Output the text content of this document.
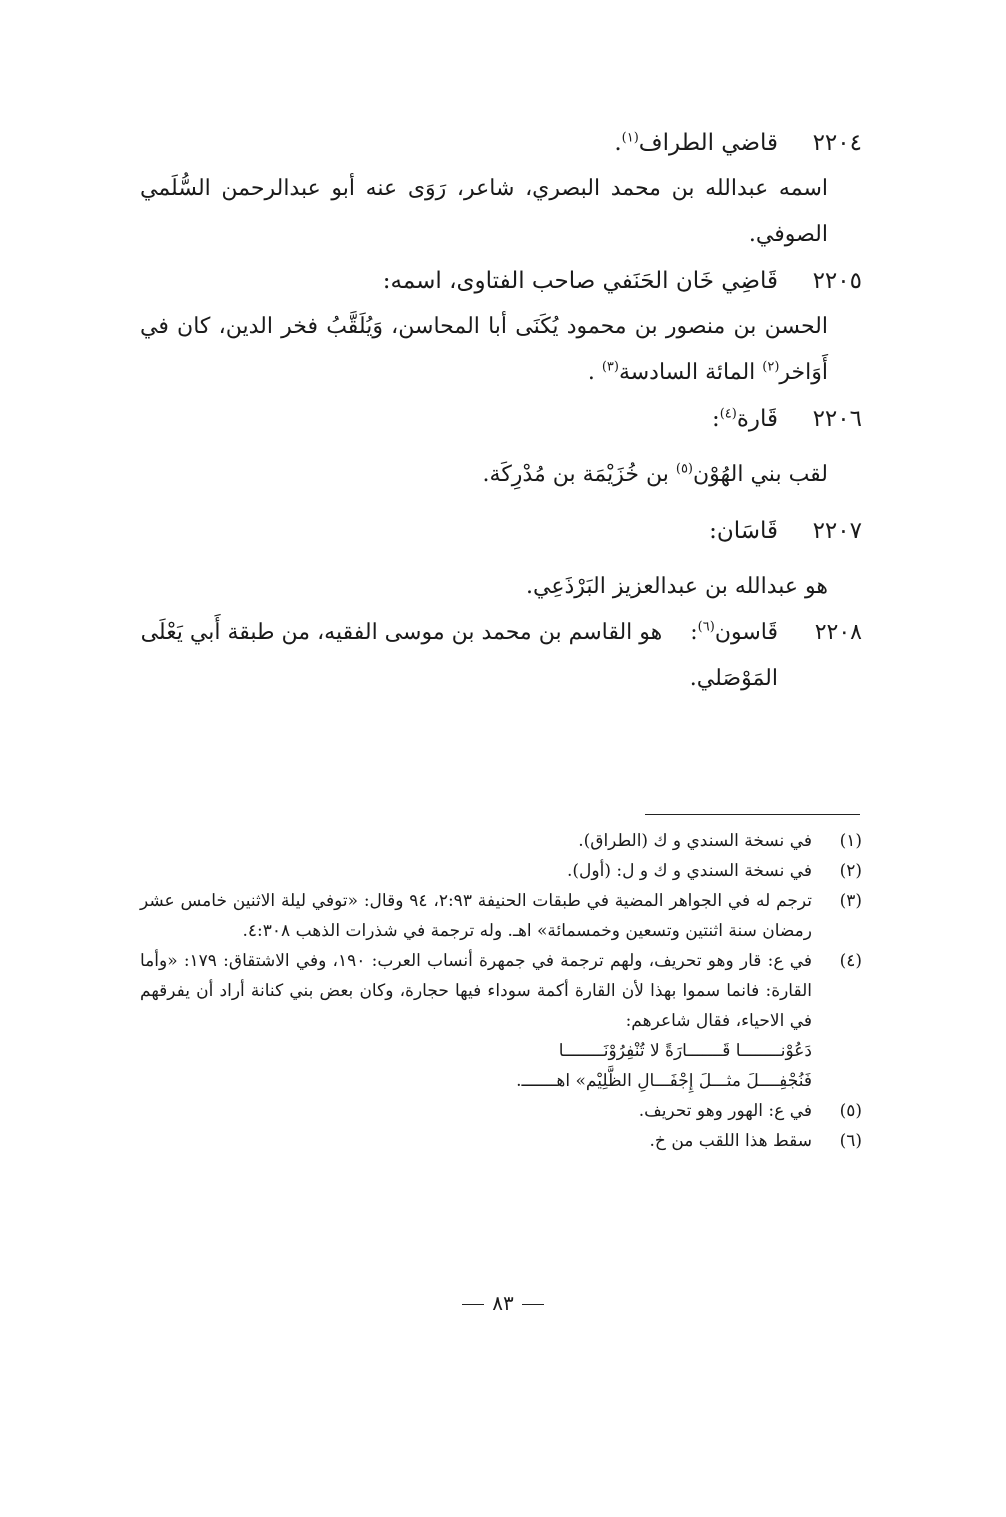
٢٢٠٤قاضي الطراف$^{(١)}$.
اسمه عبدالله بن محمد البصري، شاعر، رَوَى عنه أبو عبدالرحمن السُّلَمي الصوفي.
٢٢٠٥قَاضِي خَان الحَنَفي صاحب الفتاوى، اسمه:
الحسن بن منصور بن محمود يُكَنَى أبا المحاسن، وَيُلَقَّبُ فخر الدين، كان في أَوَاخر$^{(٢)}$ المائة السادسة$^{(٣)}$ .
٢٢٠٦قَارة$^{(٤)}$:
لقب بني الهُوْن$^{(٥)}$ بن خُزَيْمَة بن مُدْرِكَة.
٢٢٠٧قَاسَان:
هو عبدالله بن عبدالعزيز البَرْذَعِي.
٢٢٠٨قَاسون$^{(٦)}$:    هو القاسم بن محمد بن موسى الفقيه، من طبقة أَبي يَعْلَى
المَوْصَلي.
(١)
في نسخة السندي و ك (الطراق).
(٢)
في نسخة السندي و ك و ل: (أول).
(٣)
ترجم له في الجواهر المضية في طبقات الحنيفة ٢:٩٣، ٩٤ وقال: «توفي ليلة الاثنين خامس عشر رمضان سنة اثنتين وتسعين وخمسمائة» اهـ. وله ترجمة في شذرات الذهب ٤:٣٠٨.
(٤)
في ع: قار وهو تحريف، ولهم ترجمة في جمهرة أنساب العرب: ١٩٠، وفي الاشتقاق: ١٧٩: «وأما القارة: فانما سموا بهذا لأن القارة أكمة سوداء فيها حجارة، وكان بعض بني كنانة أراد أن يفرقهم في الاحياء، فقال شاعرهم:
دَعُوْنــــــــا قَـــــــارَةً لا تُنْفِرُوْنَــــــــا
فَنُجْفِــــلَ مثـــلَ إِجْفَـــالِ الظَّلِيْم» اهـــــــ.
(٥)
في ع: الهور وهو تحريف.
(٦)
سقط هذا اللقب من خ.
٨٣
